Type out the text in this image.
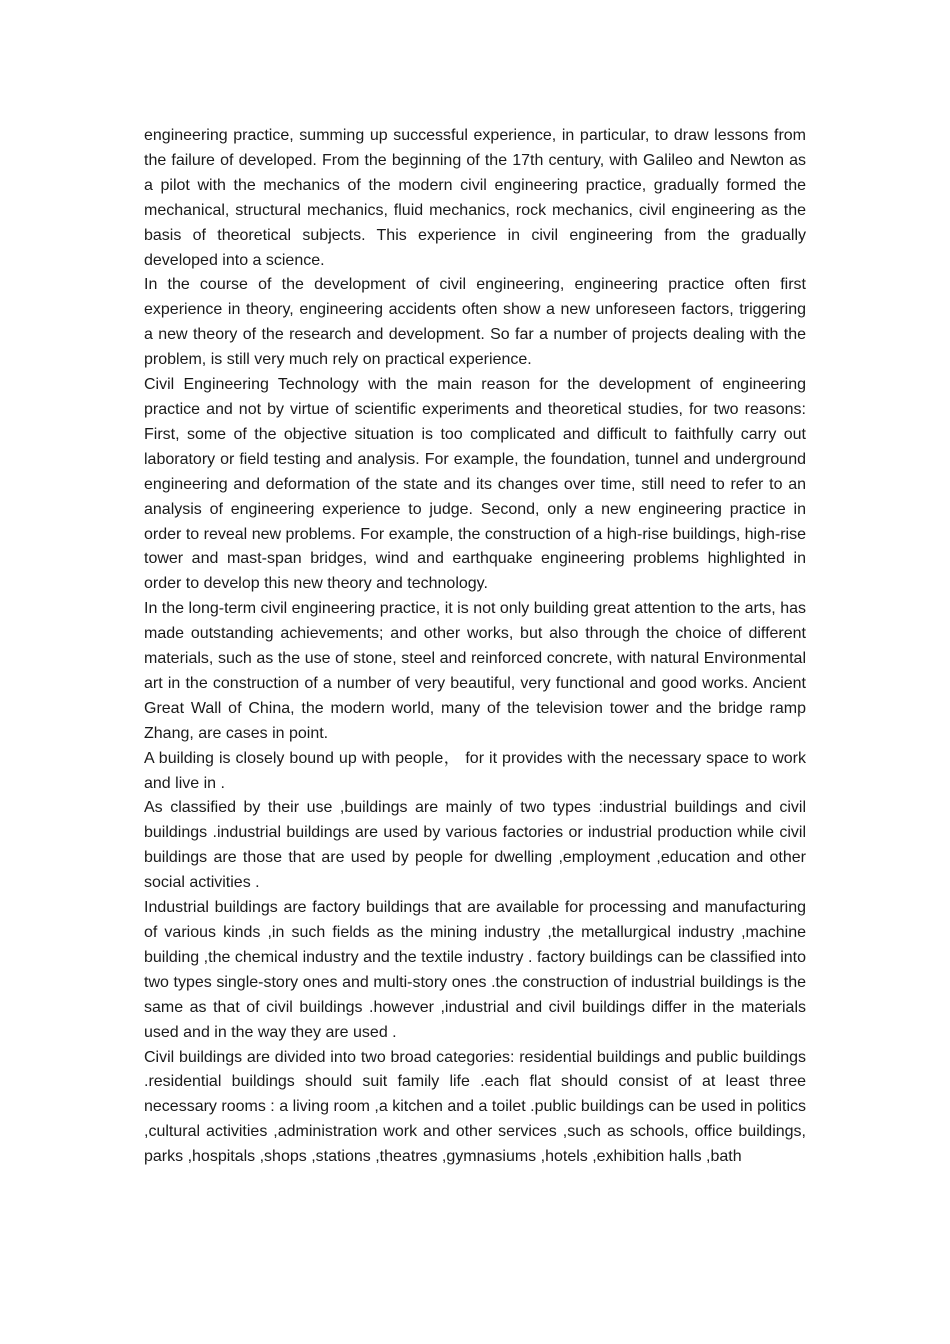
engineering practice, summing up successful experience, in particular, to draw lessons from the failure of developed. From the beginning of the 17th century, with Galileo and Newton as a pilot with the mechanics of the modern civil engineering practice, gradually formed the mechanical, structural mechanics, fluid mechanics, rock mechanics, civil engineering as the basis of theoretical subjects. This experience in civil engineering from the gradually developed into a science.

In the course of the development of civil engineering, engineering practice often first experience in theory, engineering accidents often show a new unforeseen factors, triggering a new theory of the research and development. So far a number of projects dealing with the problem, is still very much rely on practical experience.

Civil Engineering Technology with the main reason for the development of engineering practice and not by virtue of scientific experiments and theoretical studies, for two reasons: First, some of the objective situation is too complicated and difficult to faithfully carry out laboratory or field testing and analysis. For example, the foundation, tunnel and underground engineering and deformation of the state and its changes over time, still need to refer to an analysis of engineering experience to judge. Second, only a new engineering practice in order to reveal new problems. For example, the construction of a high-rise buildings, high-rise tower and mast-span bridges, wind and earthquake engineering problems highlighted in order to develop this new theory and technology.

In the long-term civil engineering practice, it is not only building great attention to the arts, has made outstanding achievements; and other works, but also through the choice of different materials, such as the use of stone, steel and reinforced concrete, with natural Environmental art in the construction of a number of very beautiful, very functional and good works. Ancient Great Wall of China, the modern world, many of the television tower and the bridge ramp Zhang, are cases in point.

A building is closely bound up with people， for it provides with the necessary space to work and live in .

As classified by their use ,buildings are mainly of two types :industrial buildings and civil buildings .industrial buildings are used by various factories or industrial production while civil buildings are those that are used by people for dwelling ,employment ,education and other social activities .

Industrial buildings are factory buildings that are available for processing and manufacturing of various kinds ,in such fields as the mining industry ,the metallurgical industry ,machine building ,the chemical industry and the textile industry . factory buildings can be classified into two types single-story ones and multi-story ones .the construction of industrial buildings is the same as that of civil buildings .however ,industrial and civil buildings differ in the materials used and in the way they are used .

Civil buildings are divided into two broad categories: residential buildings and public buildings .residential buildings should suit family life .each flat should consist of at least three necessary rooms : a living room ,a kitchen and a toilet .public buildings can be used in politics ,cultural activities ,administration work and other services ,such as schools, office buildings, parks ,hospitals ,shops ,stations ,theatres ,gymnasiums ,hotels ,exhibition halls ,bath
